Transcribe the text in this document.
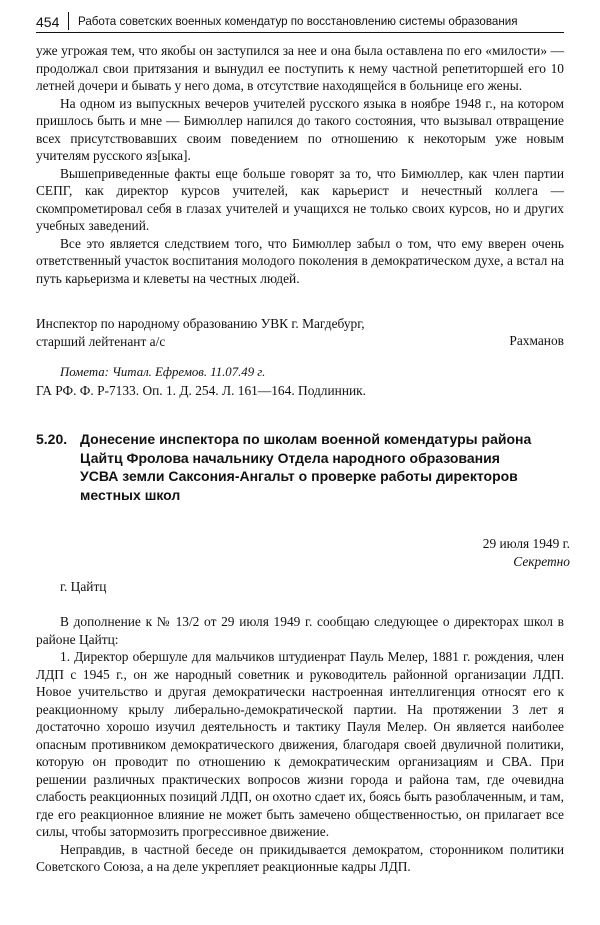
454 Работа советских военных комендатур по восстановлению системы образования

уже угрожая тем, что якобы он заступился за нее и она была оставлена по его «милости» — продолжал свои притязания и вынудил ее поступить к нему частной репетиторшей его 10 летней дочери и бывать у него дома, в отсутствие находящейся в больнице его жены.

На одном из выпускных вечеров учителей русского языка в ноябре 1948 г., на котором пришлось быть и мне — Бимюллер напился до такого состояния, что вызывал отвращение всех присутствовавших своим поведением по отношению к некоторым уже новым учителям русского яз[ыка].

Вышеприведенные факты еще больше говорят за то, что Бимюллер, как член партии СЕПГ, как директор курсов учителей, как карьерист и нечестный коллега — скомпрометировал себя в глазах учителей и учащихся не только своих курсов, но и других учебных заведений.

Все это является следствием того, что Бимюллер забыл о том, что ему вверен очень ответственный участок воспитания молодого поколения в демократическом духе, а встал на путь карьеризма и клеветы на честных людей.

Инспектор по народному образованию УВК г. Магдебург,
старший лейтенант а/с	Рахманов
Помета: Читал. Ефремов. 11.07.49 г.
ГА РФ. Ф. Р-7133. Оп. 1. Д. 254. Л. 161—164. Подлинник.
5.20. Донесение инспектора по школам военной комендатуры района Цайтц Фролова начальнику Отдела народного образования УСВА земли Саксония-Ангальт о проверке работы директоров местных школ
29 июля 1949 г.
Секретно
г. Цайтц

В дополнение к № 13/2 от 29 июля 1949 г. сообщаю следующее о директорах школ в районе Цайтц:

1. Директор обершуле для мальчиков штудиенрат Пауль Мелер, 1881 г. рождения, член ЛДП с 1945 г., он же народный советник и руководитель районной организации ЛДП. Новое учительство и другая демократически настроенная интеллигенция относят его к реакционному крылу либерально-демократической партии. На протяжении 3 лет я достаточно хорошо изучил деятельность и тактику Пауля Мелер. Он является наиболее опасным противником демократического движения, благодаря своей двуличной политики, которую он проводит по отношению к демократическим организациям и СВА. При решении различных практических вопросов жизни города и района там, где очевидна слабость реакционных позиций ЛДП, он охотно сдает их, боясь быть разоблаченным, и там, где его реакционное влияние не может быть замечено общественностью, он прилагает все силы, чтобы затормозить прогрессивное движение.

Неправдив, в частной беседе он прикидывается демократом, сторонником политики Советского Союза, а на деле укрепляет реакционные кадры ЛДП.
